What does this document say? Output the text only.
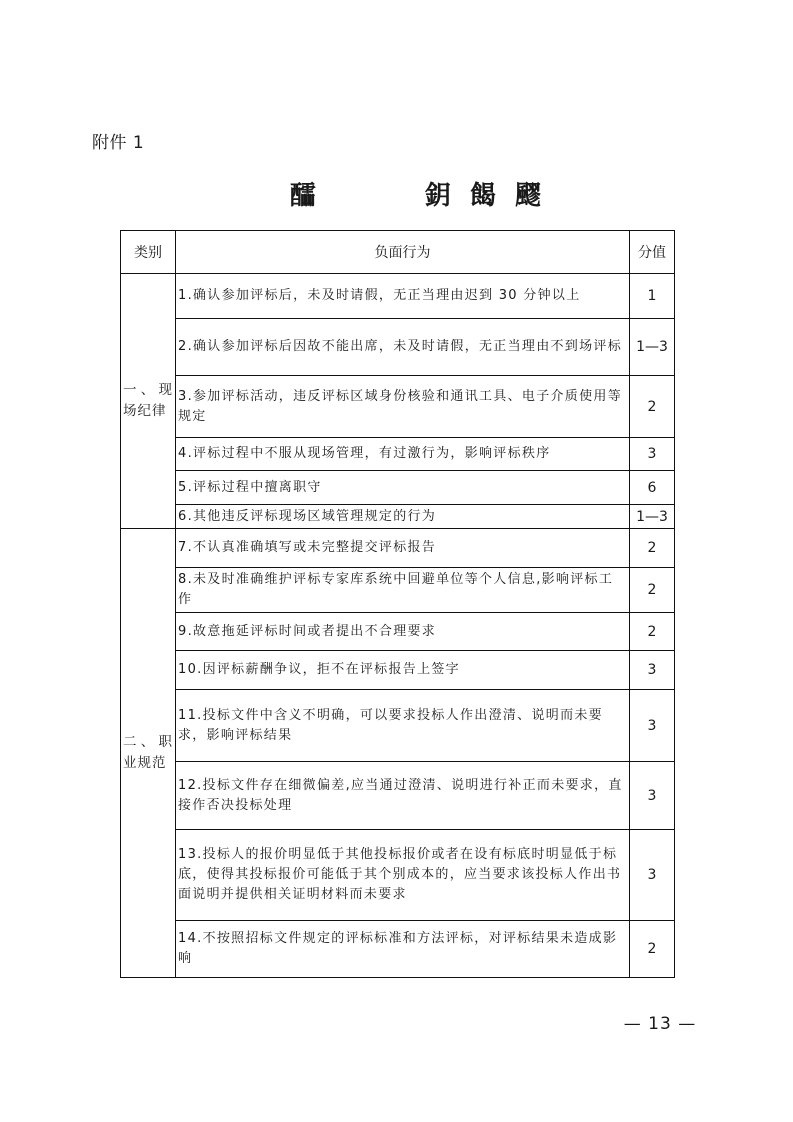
附件 1
醽	鈅 餲 飂
类别	负面行为	分值
一、现场纪律	1.确认参加评标后，未及时请假，无正当理由迟到 30 分钟以上	1
	2.确认参加评标后因故不能出席，未及时请假，无正当理由不到场评标	1—3
	3.参加评标活动，违反评标区域身份核验和通讯工具、电子介质使用等规定	2
	4.评标过程中不服从现场管理，有过激行为，影响评标秩序	3
	5.评标过程中擅离职守	6
	6.其他违反评标现场区域管理规定的行为	1—3
二、职业规范	7.不认真准确填写或未完整提交评标报告	2
	8.未及时准确维护评标专家库系统中回避单位等个人信息,影响评标工作	2
	9.故意拖延评标时间或者提出不合理要求	2
	10.因评标薪酬争议，拒不在评标报告上签字	3
	11.投标文件中含义不明确，可以要求投标人作出澄清、说明而未要求，影响评标结果	3
	12.投标文件存在细微偏差,应当通过澄清、说明进行补正而未要求，直接作否决投标处理	3
	13.投标人的报价明显低于其他投标报价或者在设有标底时明显低于标底，使得其投标报价可能低于其个别成本的，应当要求该投标人作出书面说明并提供相关证明材料而未要求	3
	14.不按照招标文件规定的评标标准和方法评标，对评标结果未造成影响	2
— 13 —
